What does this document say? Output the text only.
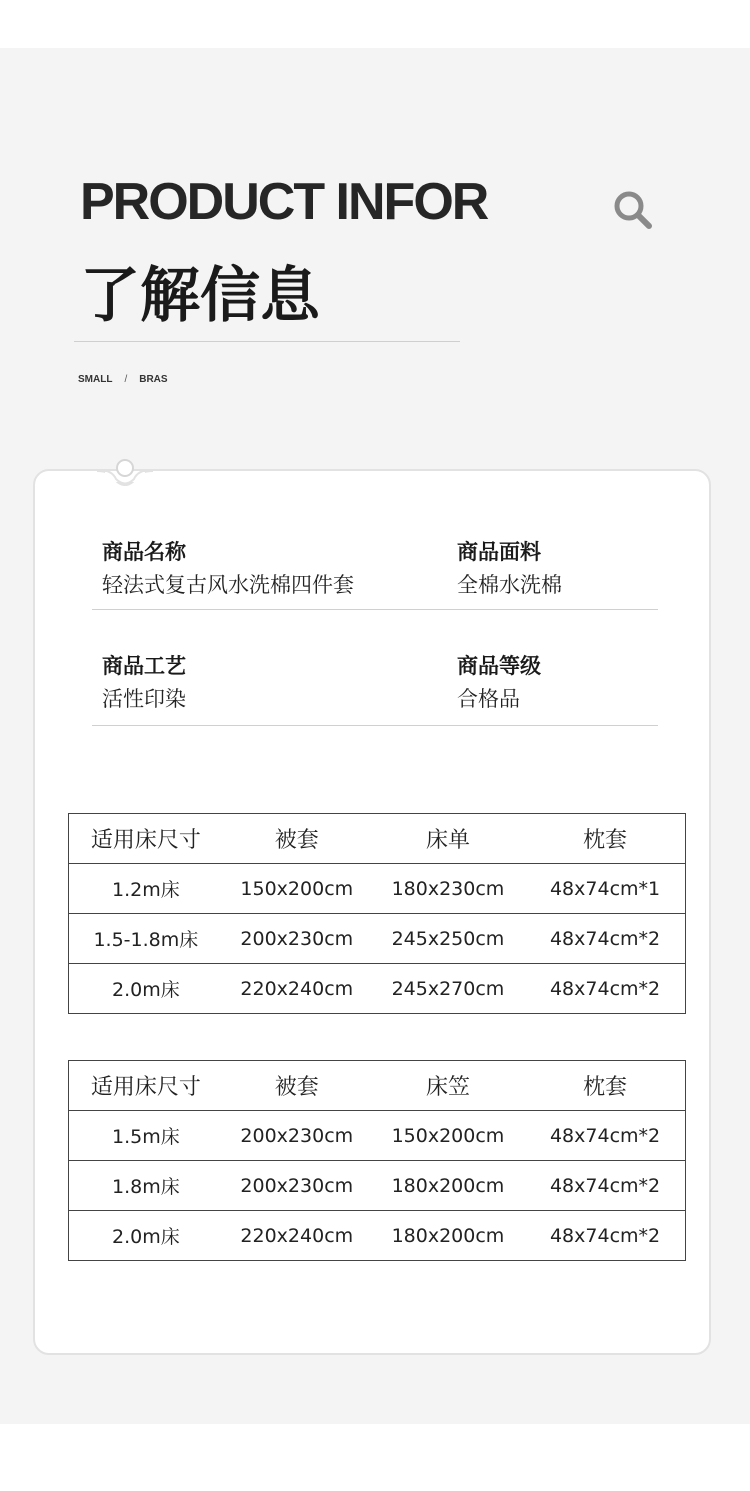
PRODUCT INFOR
了解信息
SMALL / BRAS
商品名称
轻法式复古风水洗棉四件套
商品面料
全棉水洗棉
商品工艺
活性印染
商品等级
合格品
适用床尺寸	被套	床单	枕套
1.2m床	150x200cm	180x230cm	48x74cm*1
1.5-1.8m床	200x230cm	245x250cm	48x74cm*2
2.0m床	220x240cm	245x270cm	48x74cm*2
适用床尺寸	被套	床笠	枕套
1.5m床	200x230cm	150x200cm	48x74cm*2
1.8m床	200x230cm	180x200cm	48x74cm*2
2.0m床	220x240cm	180x200cm	48x74cm*2
